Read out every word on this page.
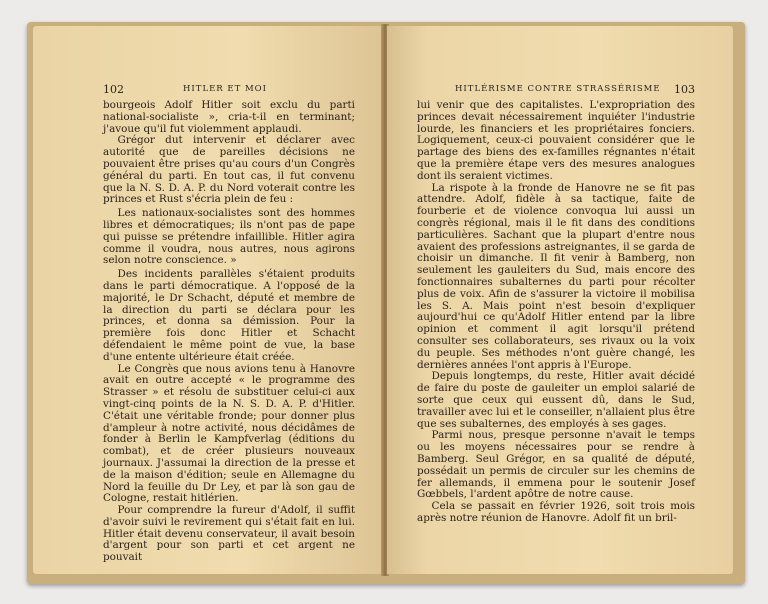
102	HITLER ET MOI

bourgeois Adolf Hitler soit exclu du parti national-socialiste », cria-t-il en terminant; j'avoue qu'il fut violemment applaudi.

Grégor dut intervenir et déclarer avec autorité que de pareilles décisions ne pouvaient être prises qu'au cours d'un Congrès général du parti. En tout cas, il fut convenu que la N. S. D. A. P. du Nord voterait contre les princes et Rust s'écria plein de feu :

Les nationaux-socialistes sont des hommes libres et démocratiques; ils n'ont pas de pape qui puisse se prétendre infaillible. Hitler agira comme il voudra, nous autres, nous agirons selon notre conscience. »

Des incidents parallèles s'étaient produits dans le parti démocratique. A l'opposé de la majorité, le Dr Schacht, député et membre de la direction du parti se déclara pour les princes, et donna sa démission. Pour la première fois donc Hitler et Schacht défendaient le même point de vue, la base d'une entente ultérieure était créée.

Le Congrès que nous avions tenu à Hanovre avait en outre accepté « le programme des Strasser » et résolu de substituer celui-ci aux vingt-cinq points de la N. S. D. A. P. d'Hitler. C'était une véritable fronde; pour donner plus d'ampleur à notre activité, nous décidâmes de fonder à Berlin le Kampfverlag (éditions du combat), et de créer plusieurs nouveaux journaux. J'assumai la direction de la presse et de la maison d'édition; seule en Allemagne du Nord la feuille du Dr Ley, et par là son gau de Cologne, restait hitlérien.

Pour comprendre la fureur d'Adolf, il suffit d'avoir suivi le revirement qui s'était fait en lui. Hitler était devenu conservateur, il avait besoin d'argent pour son parti et cet argent ne pouvait

HITLÉRISME CONTRE STRASSÉRISME 103

lui venir que des capitalistes. L'expropriation des princes devait nécessairement inquiéter l'industrie lourde, les financiers et les propriétaires fonciers. Logiquement, ceux-ci pouvaient considérer que le partage des biens des ex-familles régnantes n'était que la première étape vers des mesures analogues dont ils seraient victimes.

La rispote à la fronde de Hanovre ne se fit pas attendre. Adolf, fidèle à sa tactique, faite de fourberie et de violence convoqua lui aussi un congrès régional, mais il le fit dans des conditions particulières. Sachant que la plupart d'entre nous avaient des professions astreignantes, il se garda de choisir un dimanche. Il fit venir à Bamberg, non seulement les gauleiters du Sud, mais encore des fonctionnaires subalternes du parti pour récolter plus de voix. Afin de s'assurer la victoire il mobilisa les S. A. Mais point n'est besoin d'expliquer aujourd'hui ce qu'Adolf Hitler entend par la libre opinion et comment il agit lorsqu'il prétend consulter ses collaborateurs, ses rivaux ou la voix du peuple. Ses méthodes n'ont guère changé, les dernières années l'ont appris à l'Europe.

Depuis longtemps, du reste, Hitler avait décidé de faire du poste de gauleiter un emploi salarié de sorte que ceux qui eussent dû, dans le Sud, travailler avec lui et le conseiller, n'allaient plus être que ses subalternes, des employés à ses gages.

Parmi nous, presque personne n'avait le temps ou les moyens nécessaires pour se rendre à Bamberg. Seul Grégor, en sa qualité de député, possédait un permis de circuler sur les chemins de fer allemands, il emmena pour le soutenir Josef Gœbbels, l'ardent apôtre de notre cause.

Cela se passait en février 1926, soit trois mois après notre réunion de Hanovre. Adolf fit un bril-
